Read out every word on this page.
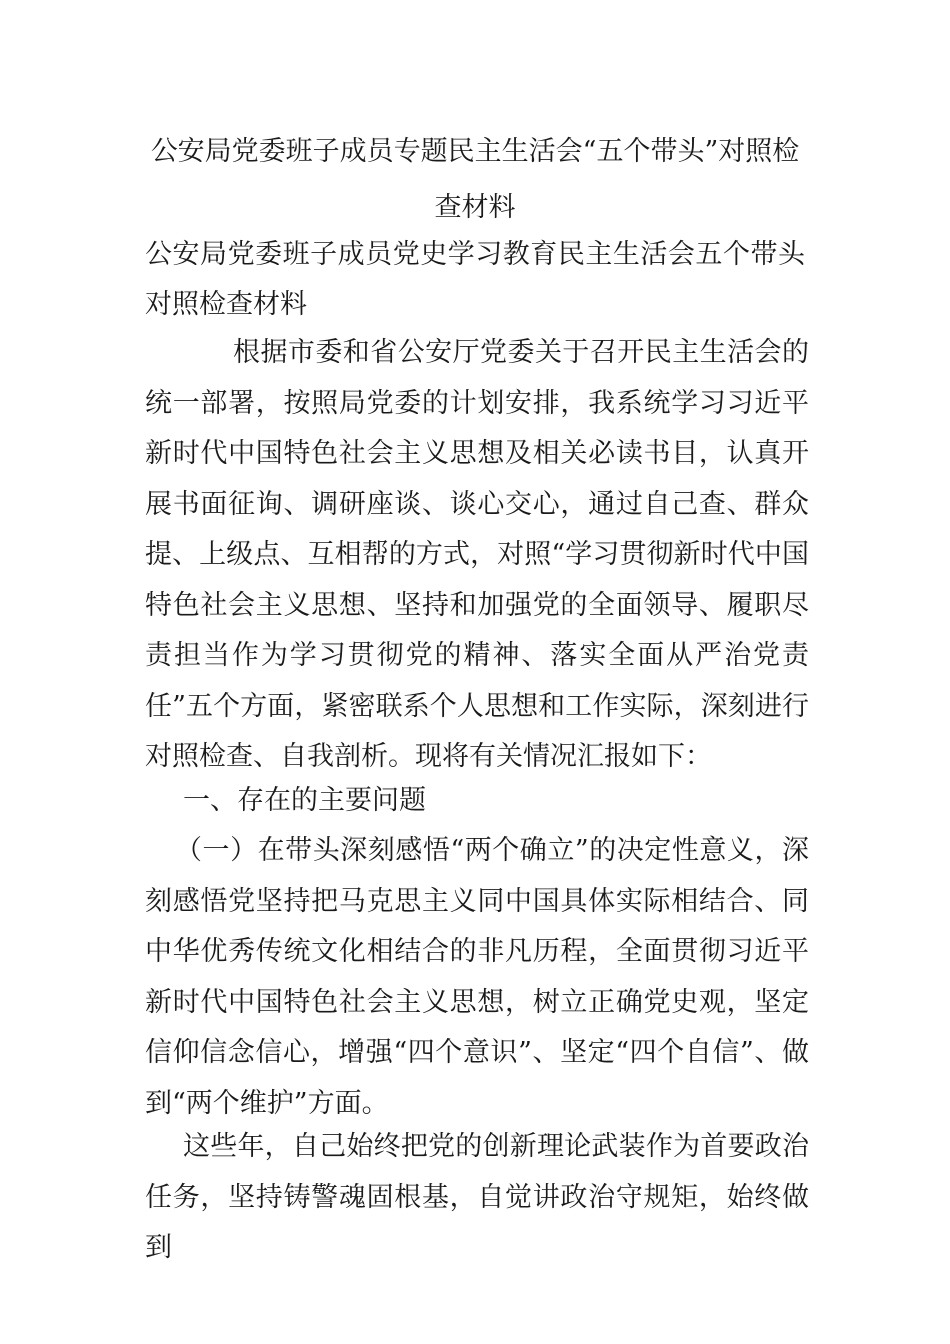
公安局党委班子成员专题民主生活会“五个带头”对照检查材料

公安局党委班子成员党史学习教育民主生活会五个带头对照检查材料

根据市委和省公安厅党委关于召开民主生活会的统一部署，按照局党委的计划安排，我系统学习习近平新时代中国特色社会主义思想及相关必读书目，认真开展书面征询、调研座谈、谈心交心，通过自己查、群众提、上级点、互相帮的方式，对照“学习贯彻新时代中国特色社会主义思想、坚持和加强党的全面领导、履职尽责担当作为学习贯彻党的精神、落实全面从严治党责任”五个方面，紧密联系个人思想和工作实际，深刻进行对照检查、自我剖析。现将有关情况汇报如下：

一、存在的主要问题

（一）在带头深刻感悟“两个确立”的决定性意义，深刻感悟党坚持把马克思主义同中国具体实际相结合、同中华优秀传统文化相结合的非凡历程，全面贯彻习近平新时代中国特色社会主义思想，树立正确党史观，坚定信仰信念信心，增强“四个意识”、坚定“四个自信”、做到“两个维护”方面。

这些年，自己始终把党的创新理论武装作为首要政治任务，坚持铸警魂固根基，自觉讲政治守规矩，始终做到
